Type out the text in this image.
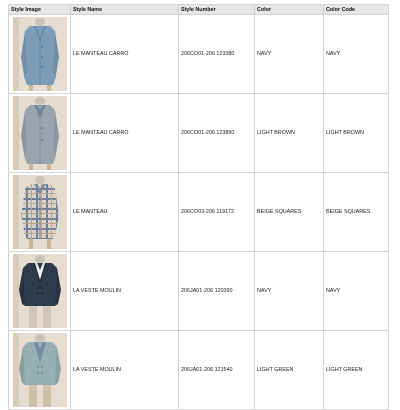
Style Image	Style Name	Style Number	Color	Color Code

	LE MANTEAU CARRO	206CO01-206 123380	NAVY	NAVY

	LE MANTEAU CARRO	206CO01-206 123850	LIGHT BROWN	LIGHT BROWN

	LE MANTEAU	206CO03-206 119172	BEIGE SQUARES	BEIGE SQUARES

	LA VESTE MOULIN	206JA01-206 120390	NAVY	NAVY

	LA VESTE MOULIN	206JA01-206 121540	LIGHT GREEN	LIGHT GREEN
